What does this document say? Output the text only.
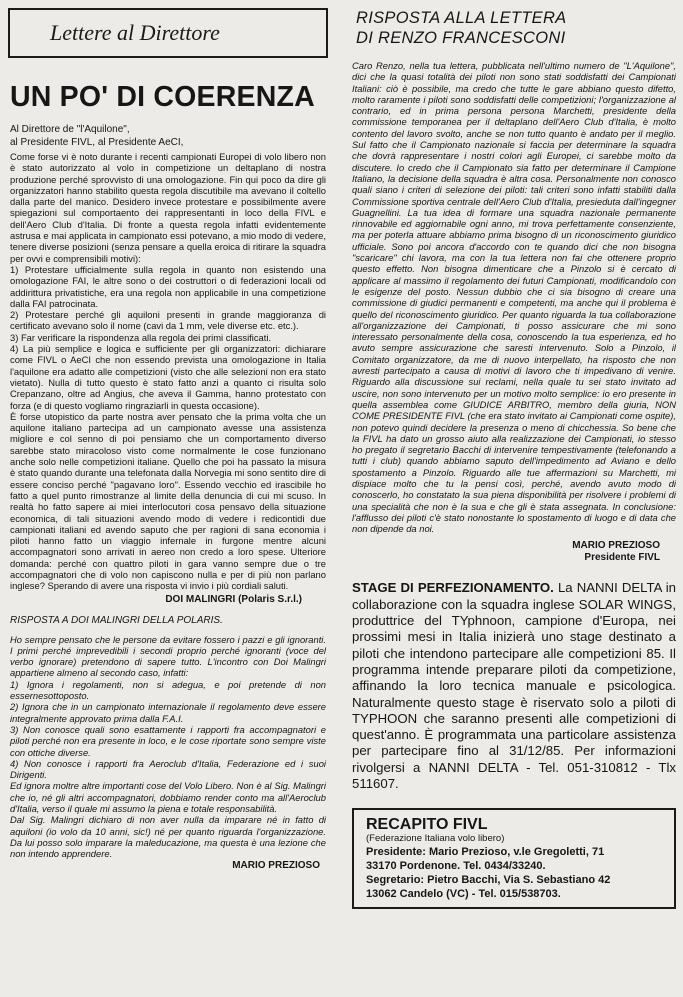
Lettere al Direttore
UN PO' DI COERENZA
Al Direttore de "l'Aquilone",
al Presidente FIVL, al Presidente AeCI,

Come forse vi è noto durante i recenti campionati Europei di volo libero non è stato autorizzato al volo in competizione un deltaplano di nostra produzione perché sprovvisto di una omologazione. Fin qui poco da dire gli organizzatori hanno stabilito questa regola discutibile ma avevano il coltello dalla parte del manico. Desidero invece protestare e possibilmente avere spiegazioni sul comportaento dei rappresentanti in loco della FIVL e dell'Aero Club d'Italia. Di fronte a questa regola infatti evidentemente astrusa e mai applicata in campionato essi potevano, a mio modo di vedere, tenere diverse posizioni (senza pensare a quella eroica di ritirare la squadra per ovvi e comprensibili motivi):

1) Protestare ufficialmente sulla regola in quanto non esistendo una omologazione FAI, le altre sono o dei costruttori o di federazioni locali od addirittura privatistiche, era una regola non applicabile in una competizione dalla FAI patrocinata.

2) Protestare perché gli aquiloni presenti in grande maggioranza di certificato avevano solo il nome (cavi da 1 mm, vele diverse etc. etc.).

3) Far verificare la rispondenza alla regola dei primi classificati.

4) La più semplice e logica e sufficiente per gli organizzatori: dichiarare come FIVL o AeCI che non essendo prevista una omologazione in Italia l'aquilone era adatto alle competizioni (visto che alle selezioni non era stato vietato). Nulla di tutto questo è stato fatto anzi a quanto ci risulta solo Crepanzano, oltre ad Angius, che aveva il Gamma, hanno protestato con forza (e di questo vogliamo ringraziarli in questa occasione).

È forse utopistico da parte nostra aver pensato che la prima volta che un aquilone italiano partecipa ad un campionato avesse una assistenza migliore e col senno di poi pensiamo che un comportamento diverso sarebbe stato miracoloso visto come normalmente le cose funzionano anche solo nelle competizioni italiane. Quello che poi ha passato la misura è stato quando durante una telefonata dalla Norvegia mi sono sentito dire di essere conciso perché "pagavano loro". Essendo vecchio ed irascibile ho fatto a quel punto rimostranze al limite della denuncia di cui mi scuso. In realtà ho fatto sapere ai miei interlocutori cosa pensavo della situazione economica, di tali situazioni avendo modo di vedere i redicontidi due campionati italiani ed avendo saputo che per ragioni di sana economia i piloti hanno fatto un viaggio infernale in furgone mentre alcuni accompagnatori sono arrivati in aereo non credo a loro spese. Ulteriore domanda: perché con quattro piloti in gara vanno sempre due o tre accompagnatori che di volo non capiscono nulla e per di più non parlano inglese? Sperando di avere una risposta vi invio i più cordiali saluti.

DOI MALINGRI (Polaris S.r.l.)
RISPOSTA A DOI MALINGRI DELLA POLARIS.

Ho sempre pensato che le persone da evitare fossero i pazzi e gli ignoranti. I primi perché imprevedibili i secondi proprio perché ignoranti (voce del verbo ignorare) pretendono di sapere tutto. L'incontro con Doi Malingri appartiene almeno al secondo caso, infatti:

1) Ignora i regolamenti, non si adegua, e poi pretende di non essernesottoposto.

2) Ignora che in un campionato internazionale il regolamento deve essere integralmente approvato prima dalla F.A.I.

3) Non conosce quali sono esattamente i rapporti fra accompagnatori e piloti perché non era presente in loco, e le cose riportate sono sempre viste con ottiche diverse.

4) Non conosce i rapporti fra Aeroclub d'Italia, Federazione ed i suoi Dirigenti.

Ed ignora moltre altre importanti cose del Volo Libero. Non è al Sig. Malingri che io, né gli altri accompagnatori, dobbiamo render conto ma all'Aeroclub d'Italia, verso il quale mi assumo la piena e totale responsabilità.

Dal Sig. Malingri dichiaro di non aver nulla da imparare né in fatto di aquiloni (io volo da 10 anni, sic!) né per quanto riguarda l'organizzazione. Da lui posso solo imparare la maleducazione, ma questa è una lezione che non intendo apprendere.

MARIO PREZIOSO
RISPOSTA ALLA LETTERA
DI RENZO FRANCESCONI

Caro Renzo, nella tua lettera, pubblicata nell'ultimo numero de "L'Aquilone", dici che la quasi totalità dei piloti non sono stati soddisfatti dei Campionati Italiani: ciò è possibile, ma credo che tutte le gare abbiano questo difetto, molto raramente i piloti sono soddisfatti delle competizioni; l'organizzazione al contrario, ed in prima persona persona Marchetti, presidente della commissione temporanea per il deltaplano dell'Aero Club d'Italia, è molto contento del lavoro svolto, anche se non tutto quanto è andato per il meglio. Sul fatto che il Campionato nazionale si faccia per determinare la squadra che dovrà rappresentare i nostri colori agli Europei, ci sarebbe molto da discutere. Io credo che il Campionato sia fatto per determinare il Campione Italiano, la decisione della squadra è altra cosa. Personalmente non conosco quali siano i criteri di selezione dei piloti: tali criteri sono infatti stabiliti dalla Commissione sportiva centrale dell'Aero Club d'Italia, presieduta dall'ingegner Guagnellini. La tua idea di formare una squadra nazionale permanente rinnovabile ed aggiornabile ogni anno, mi trova perfettamente consenziente, ma per poterla attuare abbiamo prima bisogno di un riconoscimento giuridico ufficiale. Sono poi ancora d'accordo con te quando dici che non bisogna "scaricare" chi lavora, ma con la tua lettera non fai che ottenere proprio questo effetto. Non bisogna dimenticare che a Pinzolo si è cercato di applicare al massimo il regolamento dei futuri Campionati, modificandolo con le esigenze del posto. Nessun dubbio che ci sia bisogno di creare una commissione di giudici permanenti e competenti, ma anche qui il problema è quello del riconoscimento giuridico. Per quanto riguarda la tua collaborazione all'organizzazione dei Campionati, ti posso assicurare che mi sono interessato personalmente della cosa, conoscendo la tua esperienza, ed ho avuto sempre assicurazione che saresti intervenuto. Solo a Pinzolo, il Comitato organizzatore, da me di nuovo interpellato, ha risposto che non avresti partecipato a causa di motivi di lavoro che ti impedivano di venire. Riguardo alla discussione sui reclami, nella quale tu sei stato invitato ad uscire, non sono intervenuto per un motivo molto semplice: io ero presente in quella assemblea come GIUDICE ARBITRO, membro della giuria, NON COME PRESIDENTE FIVL (che era stato invitato ai Campionati come ospite), non potevo quindi decidere la presenza o meno di chicchessia. So bene che la FIVL ha dato un grosso aiuto alla realizzazione dei Campionati, io stesso ho pregato il segretario Bacchi di intervenire tempestivamente (telefonando a tutti i club) quando abbiamo saputo dell'impedimento ad Aviano e dello spostamento a Pinzolo. Riguardo alle tue affermazioni su Marchetti, mi dispiace molto che tu la pensi così, perché, avendo avuto modo di conoscerlo, ho constatato la sua piena disponibilità per risolvere i problemi di una specialità che non è la sua e che gli è stata assegnata. In conclusione: l'afflusso dei piloti c'è stato nonostante lo spostamento di luogo e di data che non dipende da noi.

MARIO PREZIOSO
Presidente FIVL
STAGE DI PERFEZIONAMENTO. La NANNI DELTA in collaborazione con la squadra inglese SOLAR WINGS, produttrice del TYphnoon, campione d'Europa, nei prossimi mesi in Italia inizierà uno stage destinato a piloti che intendono partecipare alle competizioni 85. Il programma intende preparare piloti da competizione, affinando la loro tecnica manuale e psicologica. Naturalmente questo stage è riservato solo a piloti di TYPHOON che saranno presenti alle competizioni di quest'anno. È programmata una particolare assistenza per partecipare fino al 31/12/85. Per informazioni rivolgersi a NANNI DELTA - Tel. 051-310812 - Tlx 511607.
RECAPITO FIVL
(Federazione Italiana volo libero)
Presidente: Mario Prezioso, v.le Gregoletti, 71
33170 Pordenone. Tel. 0434/33240.
Segretario: Pietro Bacchi, Via S. Sebastiano 42
13062 Candelo (VC) - Tel. 015/538703.
